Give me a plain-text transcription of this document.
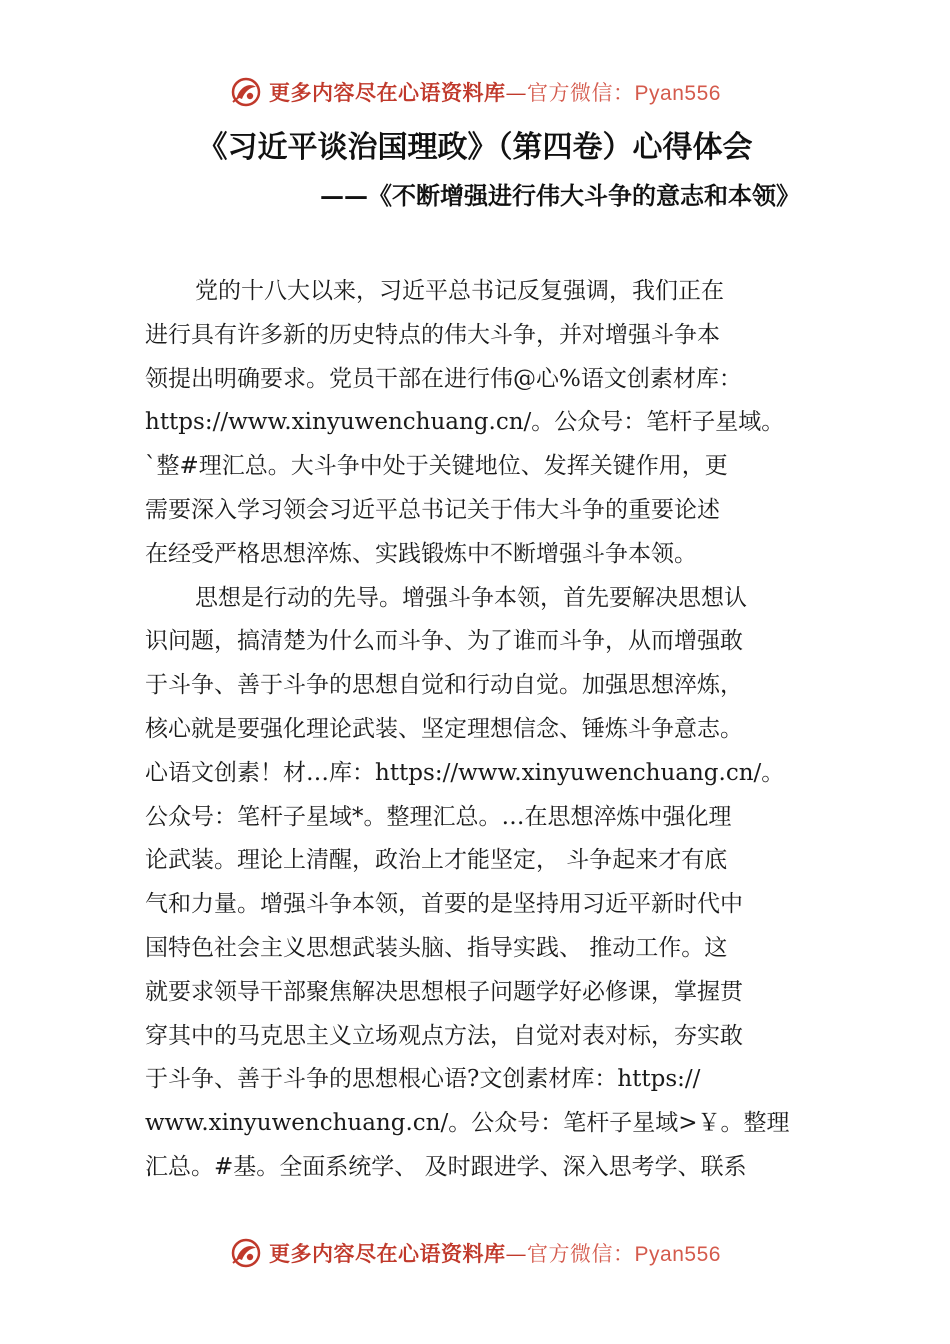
更多内容尽在心语资料库—官方微信：Pyan556
《习近平谈治国理政》（第四卷）心得体会
——《不断增强进行伟大斗争的意志和本领》
党的十八大以来，习近平总书记反复强调，我们正在
进行具有许多新的历史特点的伟大斗争，并对增强斗争本
领提出明确要求。党员干部在进行伟@心%语文创素材库：
https://www.xinyuwenchuang.cn/。公众号：笔杆子星域。
`整#理汇总。大斗争中处于关键地位、发挥关键作用，更
需要深入学习领会习近平总书记关于伟大斗争的重要论述
在经受严格思想淬炼、实践锻炼中不断增强斗争本领。
思想是行动的先导。增强斗争本领，首先要解决思想认
识问题，搞清楚为什么而斗争、为了谁而斗争，从而增强敢
于斗争、善于斗争的思想自觉和行动自觉。加强思想淬炼，
核心就是要强化理论武装、坚定理想信念、锤炼斗争意志。
心语文创素！材…库：https://www.xinyuwenchuang.cn/。
公众号：笔杆子星域*。整理汇总。…在思想淬炼中强化理
论武装。理论上清醒，政治上才能坚定， 斗争起来才有底
气和力量。增强斗争本领，首要的是坚持用习近平新时代中
国特色社会主义思想武装头脑、指导实践、 推动工作。这
就要求领导干部聚焦解决思想根子问题学好必修课，掌握贯
穿其中的马克思主义立场观点方法，自觉对表对标，夯实敢
于斗争、善于斗争的思想根心语?文创素材库：https://
www.xinyuwenchuang.cn/。公众号：笔杆子星域>￥。整理
汇总。#基。全面系统学、 及时跟进学、深入思考学、联系
更多内容尽在心语资料库—官方微信：Pyan556
